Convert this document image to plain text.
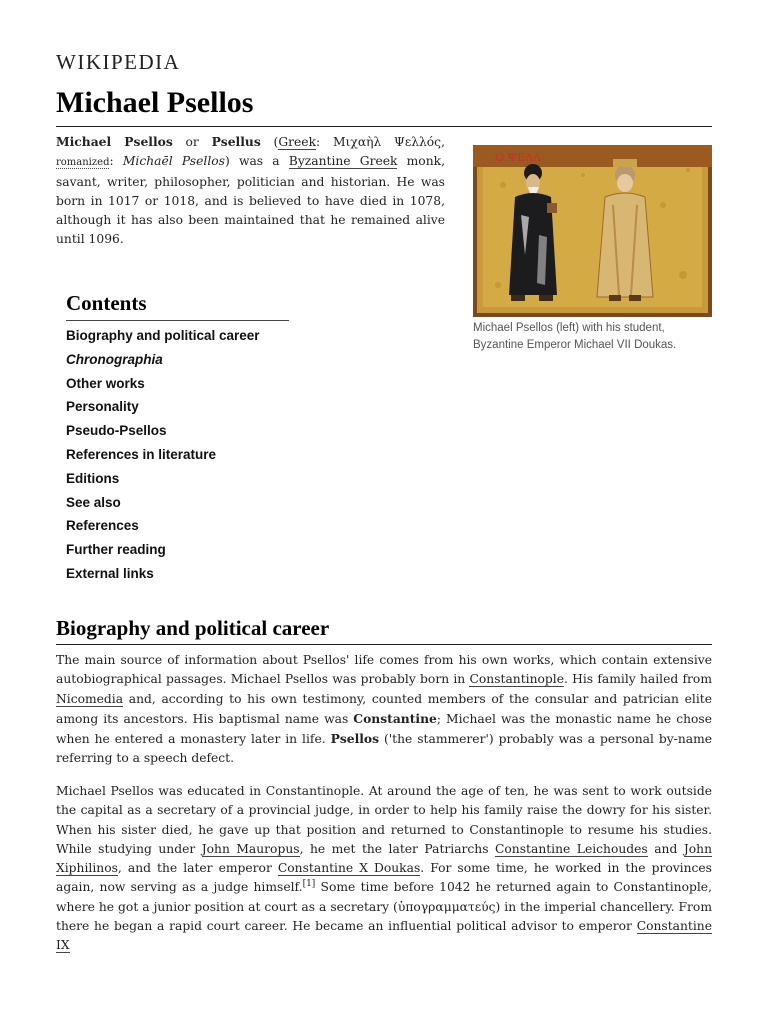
WIKIPEDIA
Michael Psellos

Michael Psellos or Psellus (Greek: Μιχαὴλ Ψελλός, romanized: Michaēl Psellos) was a Byzantine Greek monk, savant, writer, philosopher, politician and historian. He was born in 1017 or 1018, and is believed to have died in 1078, although it has also been maintained that he remained alive until 1096.

Ο ΨΕΛΛ
Michael Psellos (left) with his student, Byzantine Emperor Michael VII Doukas.
Contents
Biography and political career
Chronographia
Other works
Personality
Pseudo-Psellos
References in literature
Editions
See also
References
Further reading
External links
Biography and political career

The main source of information about Psellos' life comes from his own works, which contain extensive autobiographical passages. Michael Psellos was probably born in Constantinople. His family hailed from Nicomedia and, according to his own testimony, counted members of the consular and patrician elite among its ancestors. His baptismal name was Constantine; Michael was the monastic name he chose when he entered a monastery later in life. Psellos ('the stammerer') probably was a personal by-name referring to a speech defect.

Michael Psellos was educated in Constantinople. At around the age of ten, he was sent to work outside the capital as a secretary of a provincial judge, in order to help his family raise the dowry for his sister. When his sister died, he gave up that position and returned to Constantinople to resume his studies. While studying under John Mauropus, he met the later Patriarchs Constantine Leichoudes and John Xiphilinos, and the later emperor Constantine X Doukas. For some time, he worked in the provinces again, now serving as a judge himself.[1] Some time before 1042 he returned again to Constantinople, where he got a junior position at court as a secretary (ὑπογραμματεύς) in the imperial chancellery. From there he began a rapid court career. He became an influential political advisor to emperor Constantine IX
